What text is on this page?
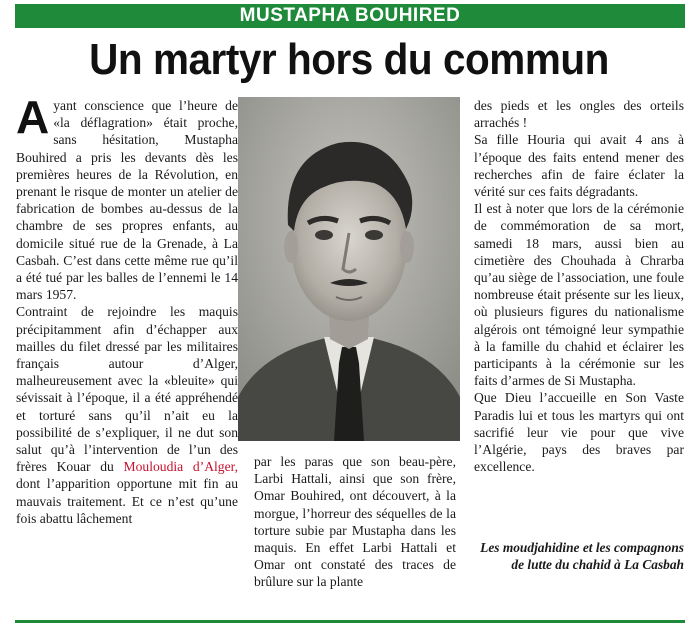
MUSTAPHA BOUHIRED
Un martyr hors du commun

Ayant conscience que l’heure de «la déflagration» était proche, sans hésitation, Mustapha Bouhired a pris les devants dès les premières heures de la Révolution, en prenant le risque de monter un atelier de fabrication de bombes au-dessus de la chambre de ses propres enfants, au domicile situé rue de la Grenade, à La Casbah. C’est dans cette même rue qu’il a été tué par les balles de l’ennemi le 14 mars 1957.

Contraint de rejoindre les maquis précipitamment afin d’échapper aux mailles du filet dressé par les militaires français autour d’Alger, malheureusement avec la «bleuite» qui sévissait à l’époque, il a été appréhendé et torturé sans qu’il n’ait eu la possibilité de s’expliquer, il ne dut son salut qu’à l’intervention de l’un des frères Kouar du Mouloudia d’Alger, dont l’apparition opportune mit fin au mauvais traitement. Et ce n’est qu’une fois abattu lâchement

par les paras que son beau-père, Larbi Hattali, ainsi que son frère, Omar Bouhired, ont découvert, à la morgue, l’horreur des séquelles de la torture subie par Mustapha dans les maquis. En effet Larbi Hattali et Omar ont constaté des traces de brûlure sur la plante

des pieds et les ongles des orteils arrachés !

Sa fille Houria qui avait 4 ans à l’époque des faits entend mener des recherches afin de faire éclater la vérité sur ces faits dégradants.

Il est à noter que lors de la cérémonie de commémoration de sa mort, samedi 18 mars, aussi bien au cimetière des Chouhada à Chrarba qu’au siège de l’association, une foule nombreuse était présente sur les lieux, où plusieurs figures du nationalisme algérois ont témoigné leur sympathie à la famille du chahid et éclairer les participants à la cérémonie sur les faits d’armes de Si Mustapha.

Que Dieu l’accueille en Son Vaste Paradis lui et tous les martyrs qui ont sacrifié leur vie pour que vive l’Algérie, pays des braves par excellence.

Les moudjahidine et les compagnons de lutte du chahid à La Casbah
